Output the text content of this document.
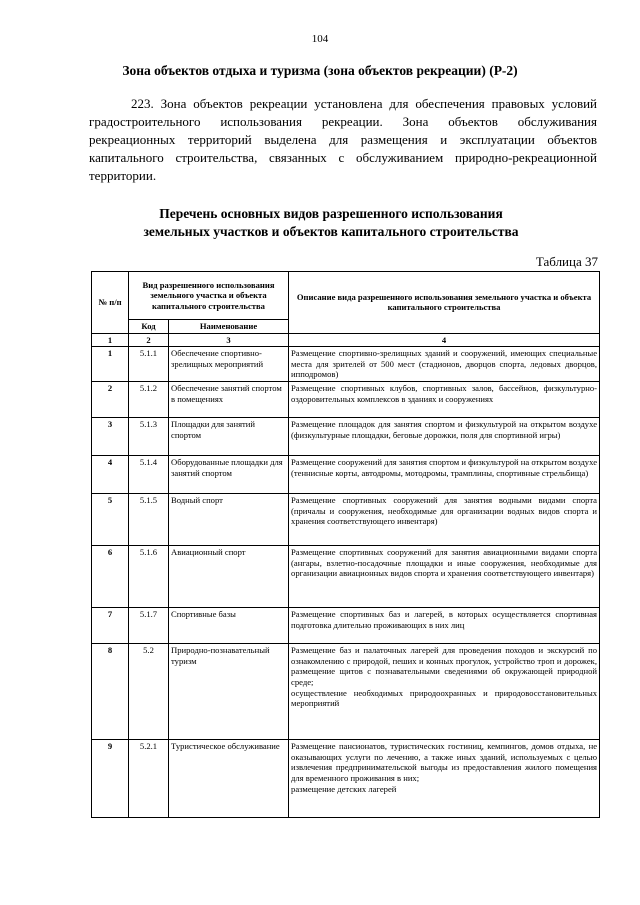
104
Зона объектов отдыха и туризма (зона объектов рекреации) (Р-2)

223. Зона объектов рекреации установлена для обеспечения правовых условий градостроительного использования рекреации. Зона объектов обслуживания рекреационных территорий выделена для размещения и эксплуатации объектов капитального строительства, связанных с обслуживанием природно-рекреационной территории.

Перечень основных видов разрешенного использования
земельных участков и объектов капитального строительства
Таблица 37
№ п/п	Вид разрешенного использования земельного участка и объекта капитального строительства		Описание вида разрешенного использования земельного участка и объекта капитального строительства
	Код	Наименование	
1	2	3	4
1	5.1.1	Обеспечение спортивно-зрелищных мероприятий	Размещение спортивно-зрелищных зданий и сооружений, имеющих специальные места для зрителей от 500 мест (стадионов, дворцов спорта, ледовых дворцов, ипподромов)
2	5.1.2	Обеспечение занятий спортом в помещениях	Размещение спортивных клубов, спортивных залов, бассейнов, физкультурно-оздоровительных комплексов в зданиях и сооружениях
3	5.1.3	Площадки для занятий спортом	Размещение площадок для занятия спортом и физкультурой на открытом воздухе (физкультурные площадки, беговые дорожки, поля для спортивной игры)
4	5.1.4	Оборудованные площадки для занятий спортом	Размещение сооружений для занятия спортом и физкультурой на открытом воздухе (теннисные корты, автодромы, мотодромы, трамплины, спортивные стрельбища)
5	5.1.5	Водный спорт	Размещение спортивных сооружений для занятия водными видами спорта (причалы и сооружения, необходимые для организации водных видов спорта и хранения соответствующего инвентаря)
6	5.1.6	Авиационный спорт	Размещение спортивных сооружений для занятия авиационными видами спорта (ангары, взлетно-посадочные площадки и иные сооружения, необходимые для организации авиационных видов спорта и хранения соответствующего инвентаря)
7	5.1.7	Спортивные базы	Размещение спортивных баз и лагерей, в которых осуществляется спортивная подготовка длительно проживающих в них лиц
8	5.2	Природно-познавательный туризм	Размещение баз и палаточных лагерей для проведения походов и экскурсий по ознакомлению с природой, пеших и конных прогулок, устройство троп и дорожек, размещение щитов с познавательными сведениями об окружающей природной среде;
осуществление необходимых природоохранных и природовосстановительных мероприятий

9	5.2.1	Туристическое обслуживание	Размещение пансионатов, туристических гостиниц, кемпингов, домов отдыха, не оказывающих услуги по лечению, а также иных зданий, используемых с целью извлечения предпринимательской выгоды из предоставления жилого помещения для временного проживания в них;
размещение детских лагерей
